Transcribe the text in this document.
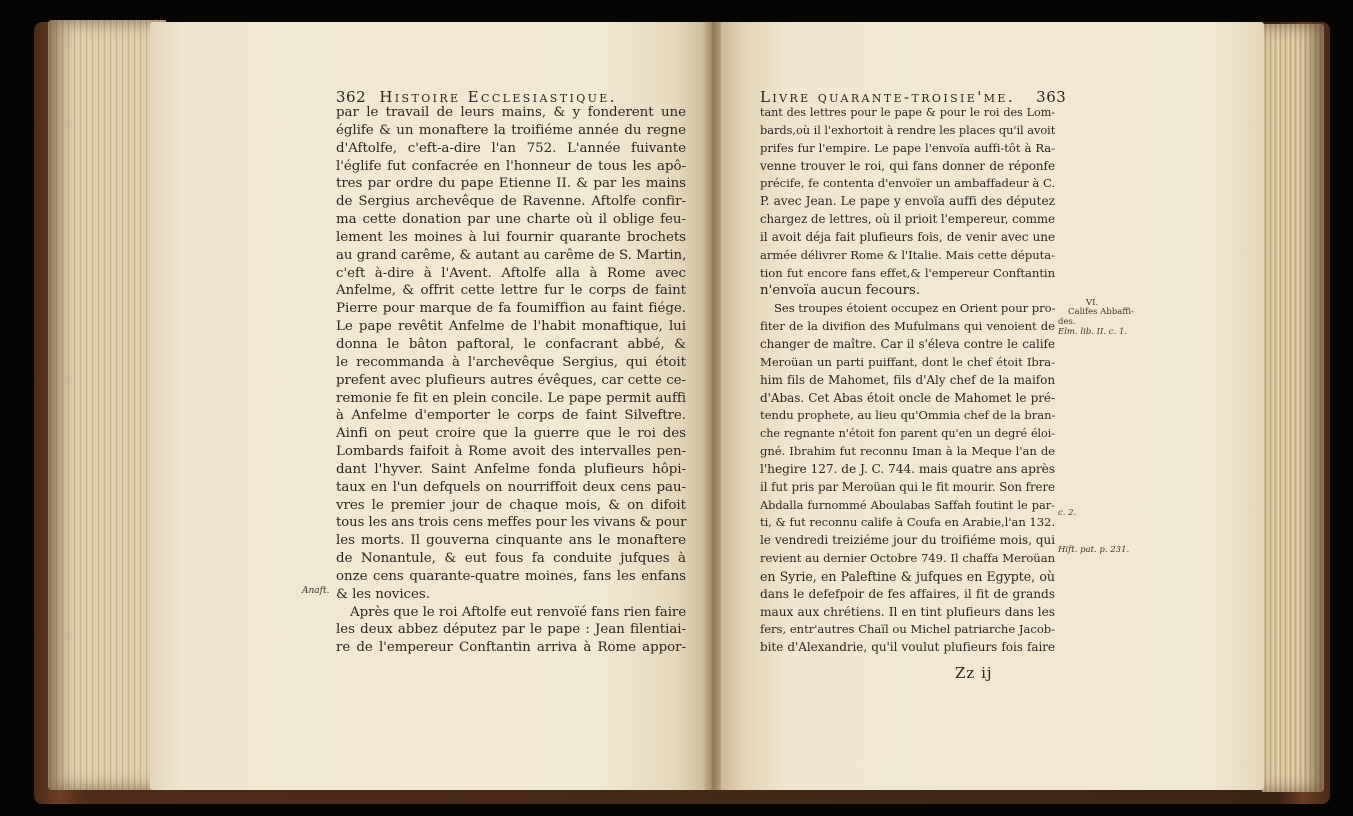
362 Histoire Ecclesiastique.
par le travail de leurs mains, & y fonderent une
églife & un monaftere la troifiéme année du regne
d'Aftolfe, c'eft-a-dire l'an 752. L'année fuivante
l'églife fut confacrée en l'honneur de tous les apô-
tres par ordre du pape Etienne II. & par les mains
de Sergius archevêque de Ravenne. Aftolfe confir-
ma cette donation par une charte où il oblige feu-
lement les moines à lui fournir quarante brochets
au grand carême, & autant au carême de S. Martin,
c'eft à-dire à l'Avent. Aftolfe alla à Rome avec
Anfelme, & offrit cette lettre fur le corps de faint
Pierre pour marque de fa foumiffion au faint fiége.
Le pape revêtit Anfelme de l'habit monaftique, lui
donna le bâton paftoral, le confacrant abbé, &
le recommanda à l'archevêque Sergius, qui étoit
prefent avec plufieurs autres évêques, car cette ce-
remonie fe fit en plein concile. Le pape permit auffi
à Anfelme d'emporter le corps de faint Silveftre.
Ainfi on peut croire que la guerre que le roi des
Lombards faifoit à Rome avoit des intervalles pen-
dant l'hyver. Saint Anfelme fonda plufieurs hôpi-
taux en l'un defquels on nourriffoit deux cens pau-
vres le premier jour de chaque mois, & on difoit
tous les ans trois cens meffes pour les vivans & pour
les morts. Il gouverna cinquante ans le monaftere
de Nonantule, & eut fous fa conduite jufques à
onze cens quarante-quatre moines, fans les enfans
& les novices.
Après que le roi Aftolfe eut renvoïé fans rien faire
les deux abbez députez par le pape : Jean filentiai-
re de l'empereur Conftantin arriva à Rome appor-
Anaft.
Livre quarante-troisie'me. 363
tant des lettres pour le pape & pour le roi des Lom-
bards,où il l'exhortoit à rendre les places qu'il avoit
prifes fur l'empire. Le pape l'envoïa auffi-tôt à Ra-
venne trouver le roi, qui fans donner de réponfe
précife, fe contenta d'envoïer un ambaffadeur à C.
P. avec Jean. Le pape y envoïa auffi des députez
chargez de lettres, où il prioit l'empereur, comme
il avoit déja fait plufieurs fois, de venir avec une
armée délivrer Rome & l'Italie. Mais cette députa-
tion fut encore fans effet,& l'empereur Conftantin
n'envoïa aucun fecours.
Ses troupes étoient occupez en Orient pour pro-
fiter de la divifion des Mufulmans qui venoient de
changer de maître. Car il s'éleva contre le calife
Meroüan un parti puiffant, dont le chef étoit Ibra-
him fils de Mahomet, fils d'Aly chef de la maifon
d'Abas. Cet Abas étoit oncle de Mahomet le pré-
tendu prophete, au lieu qu'Ommia chef de la bran-
che regnante n'étoit fon parent qu'en un degré éloi-
gné. Ibrahim fut reconnu Iman à la Meque l'an de
l'hegire 127. de J. C. 744. mais quatre ans après
il fut pris par Meroüan qui le fit mourir. Son frere
Abdalla furnommé Aboulabas Saffah foutint le par-
ti, & fut reconnu calife à Coufa en Arabie,l'an 132.
le vendredi treiziéme jour du troifiéme mois, qui
revient au dernier Octobre 749. Il chaffa Meroüan
en Syrie, en Paleftine & jufques en Egypte, où
dans le defefpoir de fes affaires, il fit de grands
maux aux chrétiens. Il en tint plufieurs dans les
fers, entr'autres Chaïl ou Michel patriarche Jacob-
bite d'Alexandrie, qu'il voulut plufieurs fois faire
VI.
Califes Abbaffi-
des.
Elm. lib. II. c. 1.
c. 2.
Hift. pat. p. 231.
Zz ij
